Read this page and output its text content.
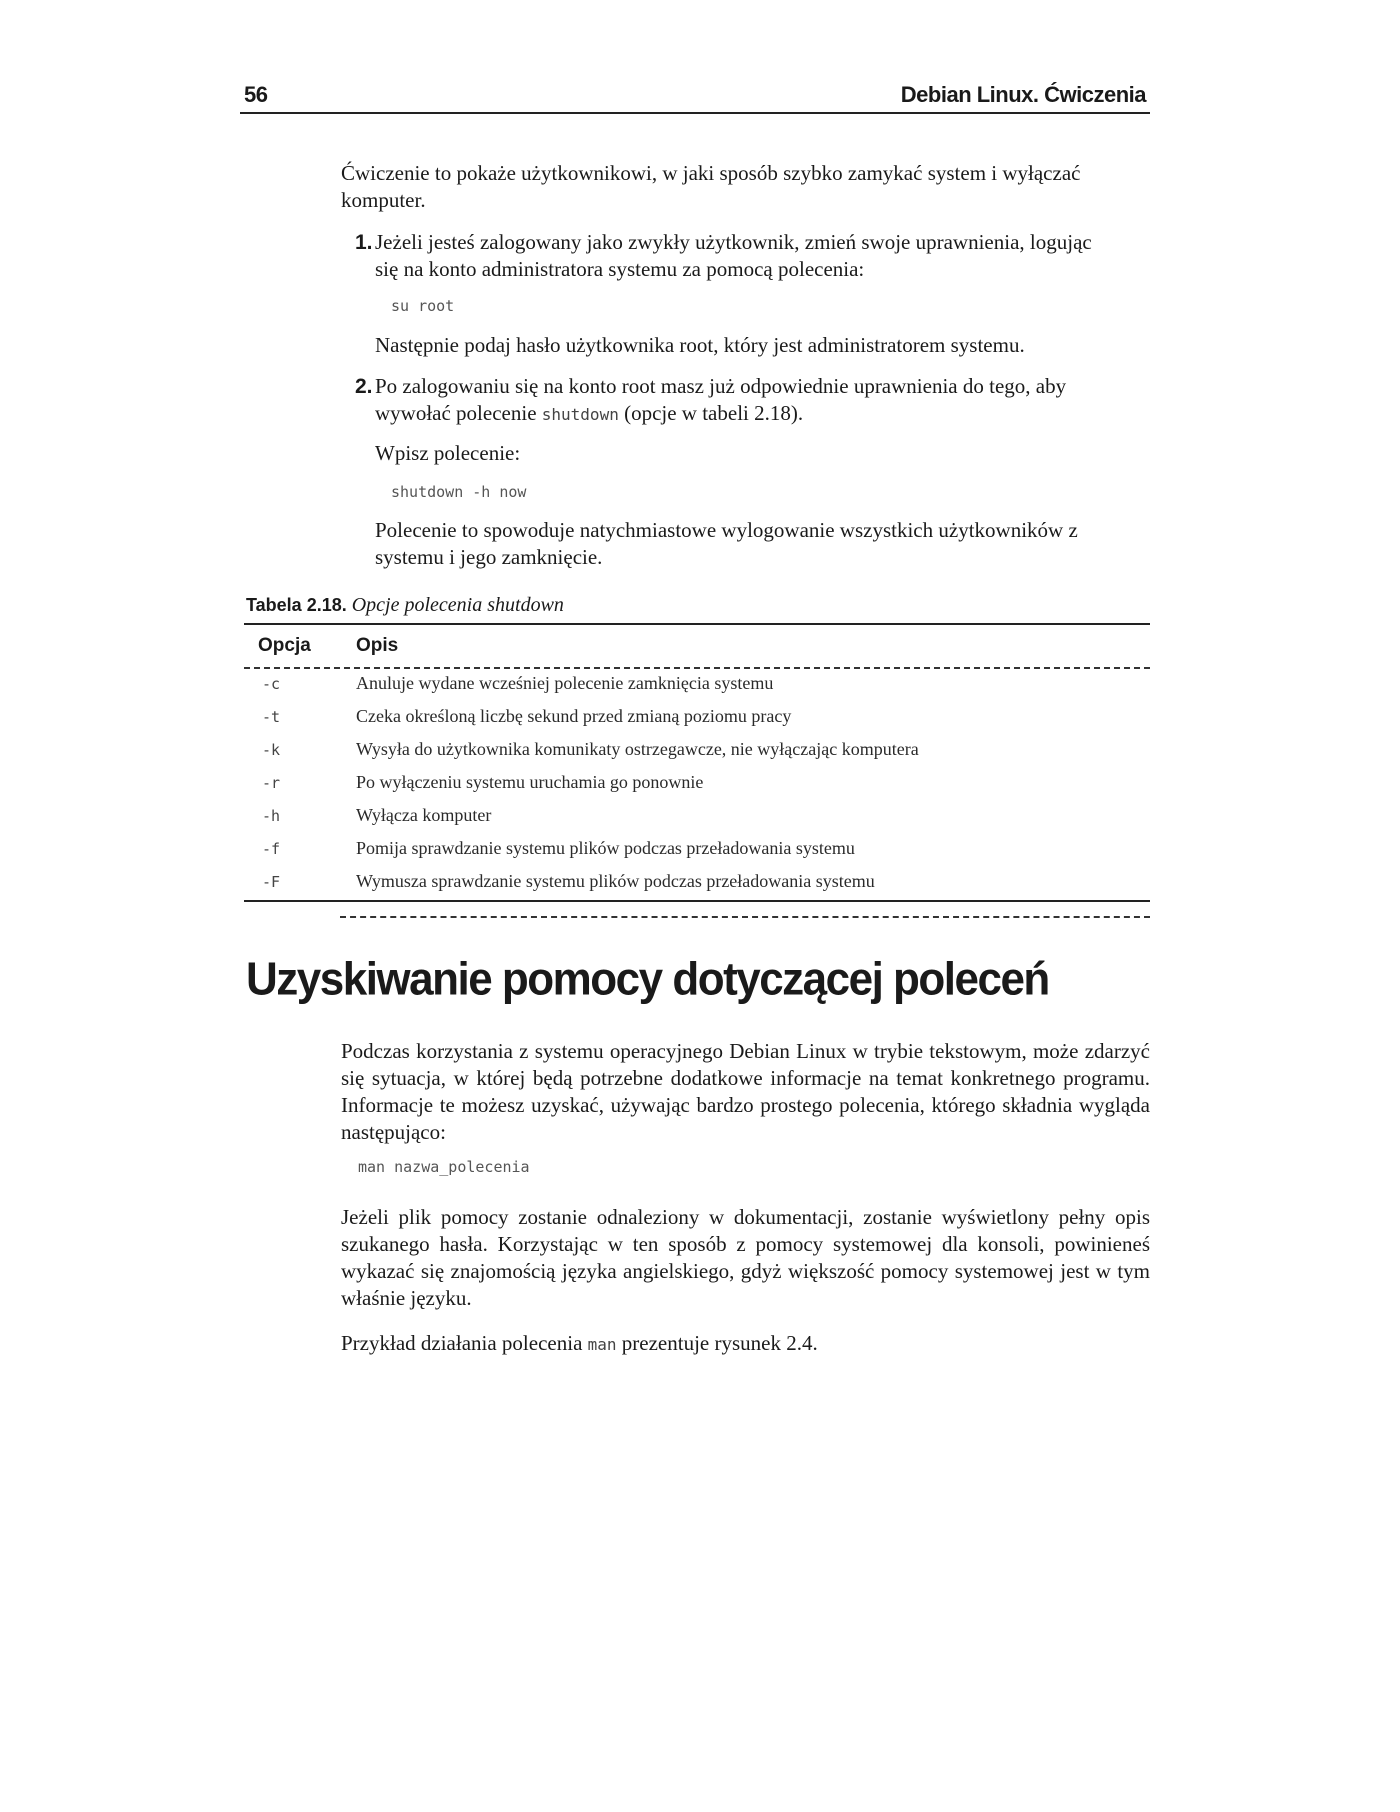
56	Debian Linux. Ćwiczenia

Ćwiczenie to pokaże użytkownikowi, w jaki sposób szybko zamykać system i wyłączać komputer.

1. Jeżeli jesteś zalogowany jako zwykły użytkownik, zmień swoje uprawnienia, logując się na konto administratora systemu za pomocą polecenia:
su root
Następnie podaj hasło użytkownika root, który jest administratorem systemu.
2. Po zalogowaniu się na konto root masz już odpowiednie uprawnienia do tego, aby wywołać polecenie shutdown (opcje w tabeli 2.18).
Wpisz polecenie:
shutdown -h now
Polecenie to spowoduje natychmiastowe wylogowanie wszystkich użytkowników z systemu i jego zamknięcie.
Tabela 2.18. Opcje polecenia shutdown
Opcja Opis
-c	Anuluje wydane wcześniej polecenie zamknięcia systemu
-t	Czeka określoną liczbę sekund przed zmianą poziomu pracy
-k	Wysyła do użytkownika komunikaty ostrzegawcze, nie wyłączając komputera
-r	Po wyłączeniu systemu uruchamia go ponownie
-h	Wyłącza komputer
-f	Pomija sprawdzanie systemu plików podczas przeładowania systemu
-F	Wymusza sprawdzanie systemu plików podczas przeładowania systemu
Uzyskiwanie pomocy dotyczącej poleceń

Podczas korzystania z systemu operacyjnego Debian Linux w trybie tekstowym, może zdarzyć się sytuacja, w której będą potrzebne dodatkowe informacje na temat konkretnego programu. Informacje te możesz uzyskać, używając bardzo prostego polecenia, którego składnia wygląda następująco:

man nazwa_polecenia

Jeżeli plik pomocy zostanie odnaleziony w dokumentacji, zostanie wyświetlony pełny opis szukanego hasła. Korzystając w ten sposób z pomocy systemowej dla konsoli, powinieneś wykazać się znajomością języka angielskiego, gdyż większość pomocy systemowej jest w tym właśnie języku.

Przykład działania polecenia man prezentuje rysunek 2.4.
